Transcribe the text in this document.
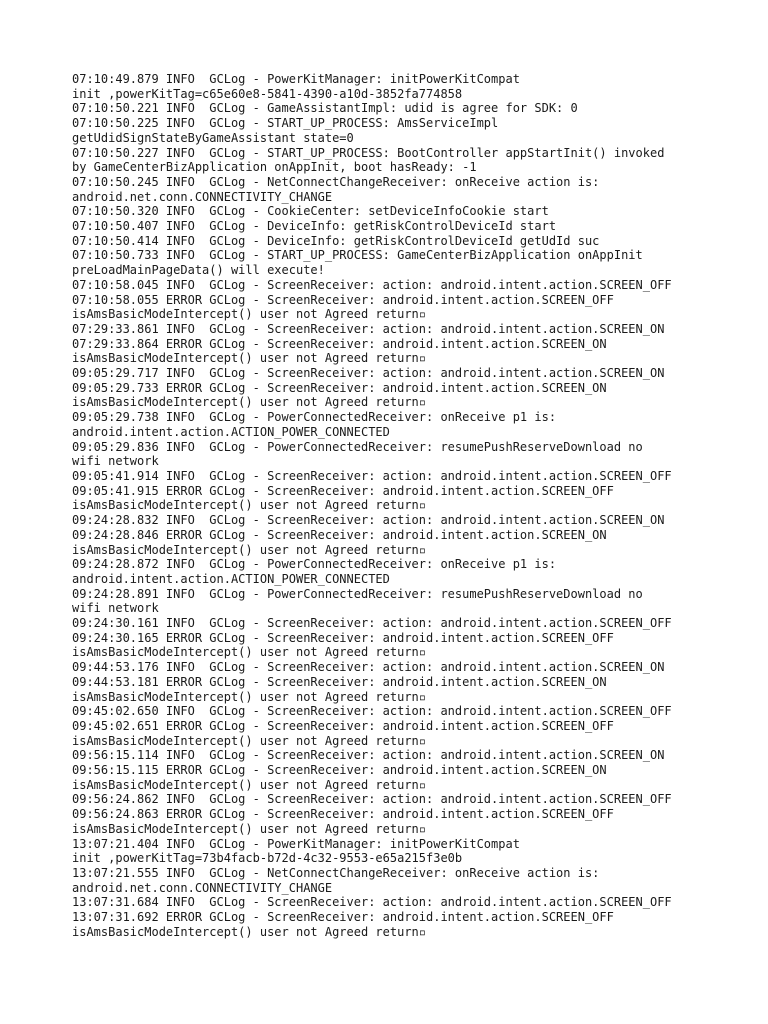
07:10:49.879 INFO  GCLog - PowerKitManager: initPowerKitCompat
init ,powerKitTag=c65e60e8-5841-4390-a10d-3852fa774858
07:10:50.221 INFO  GCLog - GameAssistantImpl: udid is agree for SDK: 0
07:10:50.225 INFO  GCLog - START_UP_PROCESS: AmsServiceImpl
getUdidSignStateByGameAssistant state=0
07:10:50.227 INFO  GCLog - START_UP_PROCESS: BootController appStartInit() invoked
by GameCenterBizApplication onAppInit, boot hasReady: -1
07:10:50.245 INFO  GCLog - NetConnectChangeReceiver: onReceive action is:
android.net.conn.CONNECTIVITY_CHANGE
07:10:50.320 INFO  GCLog - CookieCenter: setDeviceInfoCookie start
07:10:50.407 INFO  GCLog - DeviceInfo: getRiskControlDeviceId start
07:10:50.414 INFO  GCLog - DeviceInfo: getRiskControlDeviceId getUdId suc
07:10:50.733 INFO  GCLog - START_UP_PROCESS: GameCenterBizApplication onAppInit
preLoadMainPageData() will execute!
07:10:58.045 INFO  GCLog - ScreenReceiver: action: android.intent.action.SCREEN_OFF
07:10:58.055 ERROR GCLog - ScreenReceiver: android.intent.action.SCREEN_OFF
isAmsBasicModeIntercept() user not Agreed return▫
07:29:33.861 INFO  GCLog - ScreenReceiver: action: android.intent.action.SCREEN_ON
07:29:33.864 ERROR GCLog - ScreenReceiver: android.intent.action.SCREEN_ON
isAmsBasicModeIntercept() user not Agreed return▫
09:05:29.717 INFO  GCLog - ScreenReceiver: action: android.intent.action.SCREEN_ON
09:05:29.733 ERROR GCLog - ScreenReceiver: android.intent.action.SCREEN_ON
isAmsBasicModeIntercept() user not Agreed return▫
09:05:29.738 INFO  GCLog - PowerConnectedReceiver: onReceive p1 is:
android.intent.action.ACTION_POWER_CONNECTED
09:05:29.836 INFO  GCLog - PowerConnectedReceiver: resumePushReserveDownload no
wifi network
09:05:41.914 INFO  GCLog - ScreenReceiver: action: android.intent.action.SCREEN_OFF
09:05:41.915 ERROR GCLog - ScreenReceiver: android.intent.action.SCREEN_OFF
isAmsBasicModeIntercept() user not Agreed return▫
09:24:28.832 INFO  GCLog - ScreenReceiver: action: android.intent.action.SCREEN_ON
09:24:28.846 ERROR GCLog - ScreenReceiver: android.intent.action.SCREEN_ON
isAmsBasicModeIntercept() user not Agreed return▫
09:24:28.872 INFO  GCLog - PowerConnectedReceiver: onReceive p1 is:
android.intent.action.ACTION_POWER_CONNECTED
09:24:28.891 INFO  GCLog - PowerConnectedReceiver: resumePushReserveDownload no
wifi network
09:24:30.161 INFO  GCLog - ScreenReceiver: action: android.intent.action.SCREEN_OFF
09:24:30.165 ERROR GCLog - ScreenReceiver: android.intent.action.SCREEN_OFF
isAmsBasicModeIntercept() user not Agreed return▫
09:44:53.176 INFO  GCLog - ScreenReceiver: action: android.intent.action.SCREEN_ON
09:44:53.181 ERROR GCLog - ScreenReceiver: android.intent.action.SCREEN_ON
isAmsBasicModeIntercept() user not Agreed return▫
09:45:02.650 INFO  GCLog - ScreenReceiver: action: android.intent.action.SCREEN_OFF
09:45:02.651 ERROR GCLog - ScreenReceiver: android.intent.action.SCREEN_OFF
isAmsBasicModeIntercept() user not Agreed return▫
09:56:15.114 INFO  GCLog - ScreenReceiver: action: android.intent.action.SCREEN_ON
09:56:15.115 ERROR GCLog - ScreenReceiver: android.intent.action.SCREEN_ON
isAmsBasicModeIntercept() user not Agreed return▫
09:56:24.862 INFO  GCLog - ScreenReceiver: action: android.intent.action.SCREEN_OFF
09:56:24.863 ERROR GCLog - ScreenReceiver: android.intent.action.SCREEN_OFF
isAmsBasicModeIntercept() user not Agreed return▫
13:07:21.404 INFO  GCLog - PowerKitManager: initPowerKitCompat
init ,powerKitTag=73b4facb-b72d-4c32-9553-e65a215f3e0b
13:07:21.555 INFO  GCLog - NetConnectChangeReceiver: onReceive action is:
android.net.conn.CONNECTIVITY_CHANGE
13:07:31.684 INFO  GCLog - ScreenReceiver: action: android.intent.action.SCREEN_OFF
13:07:31.692 ERROR GCLog - ScreenReceiver: android.intent.action.SCREEN_OFF
isAmsBasicModeIntercept() user not Agreed return▫
